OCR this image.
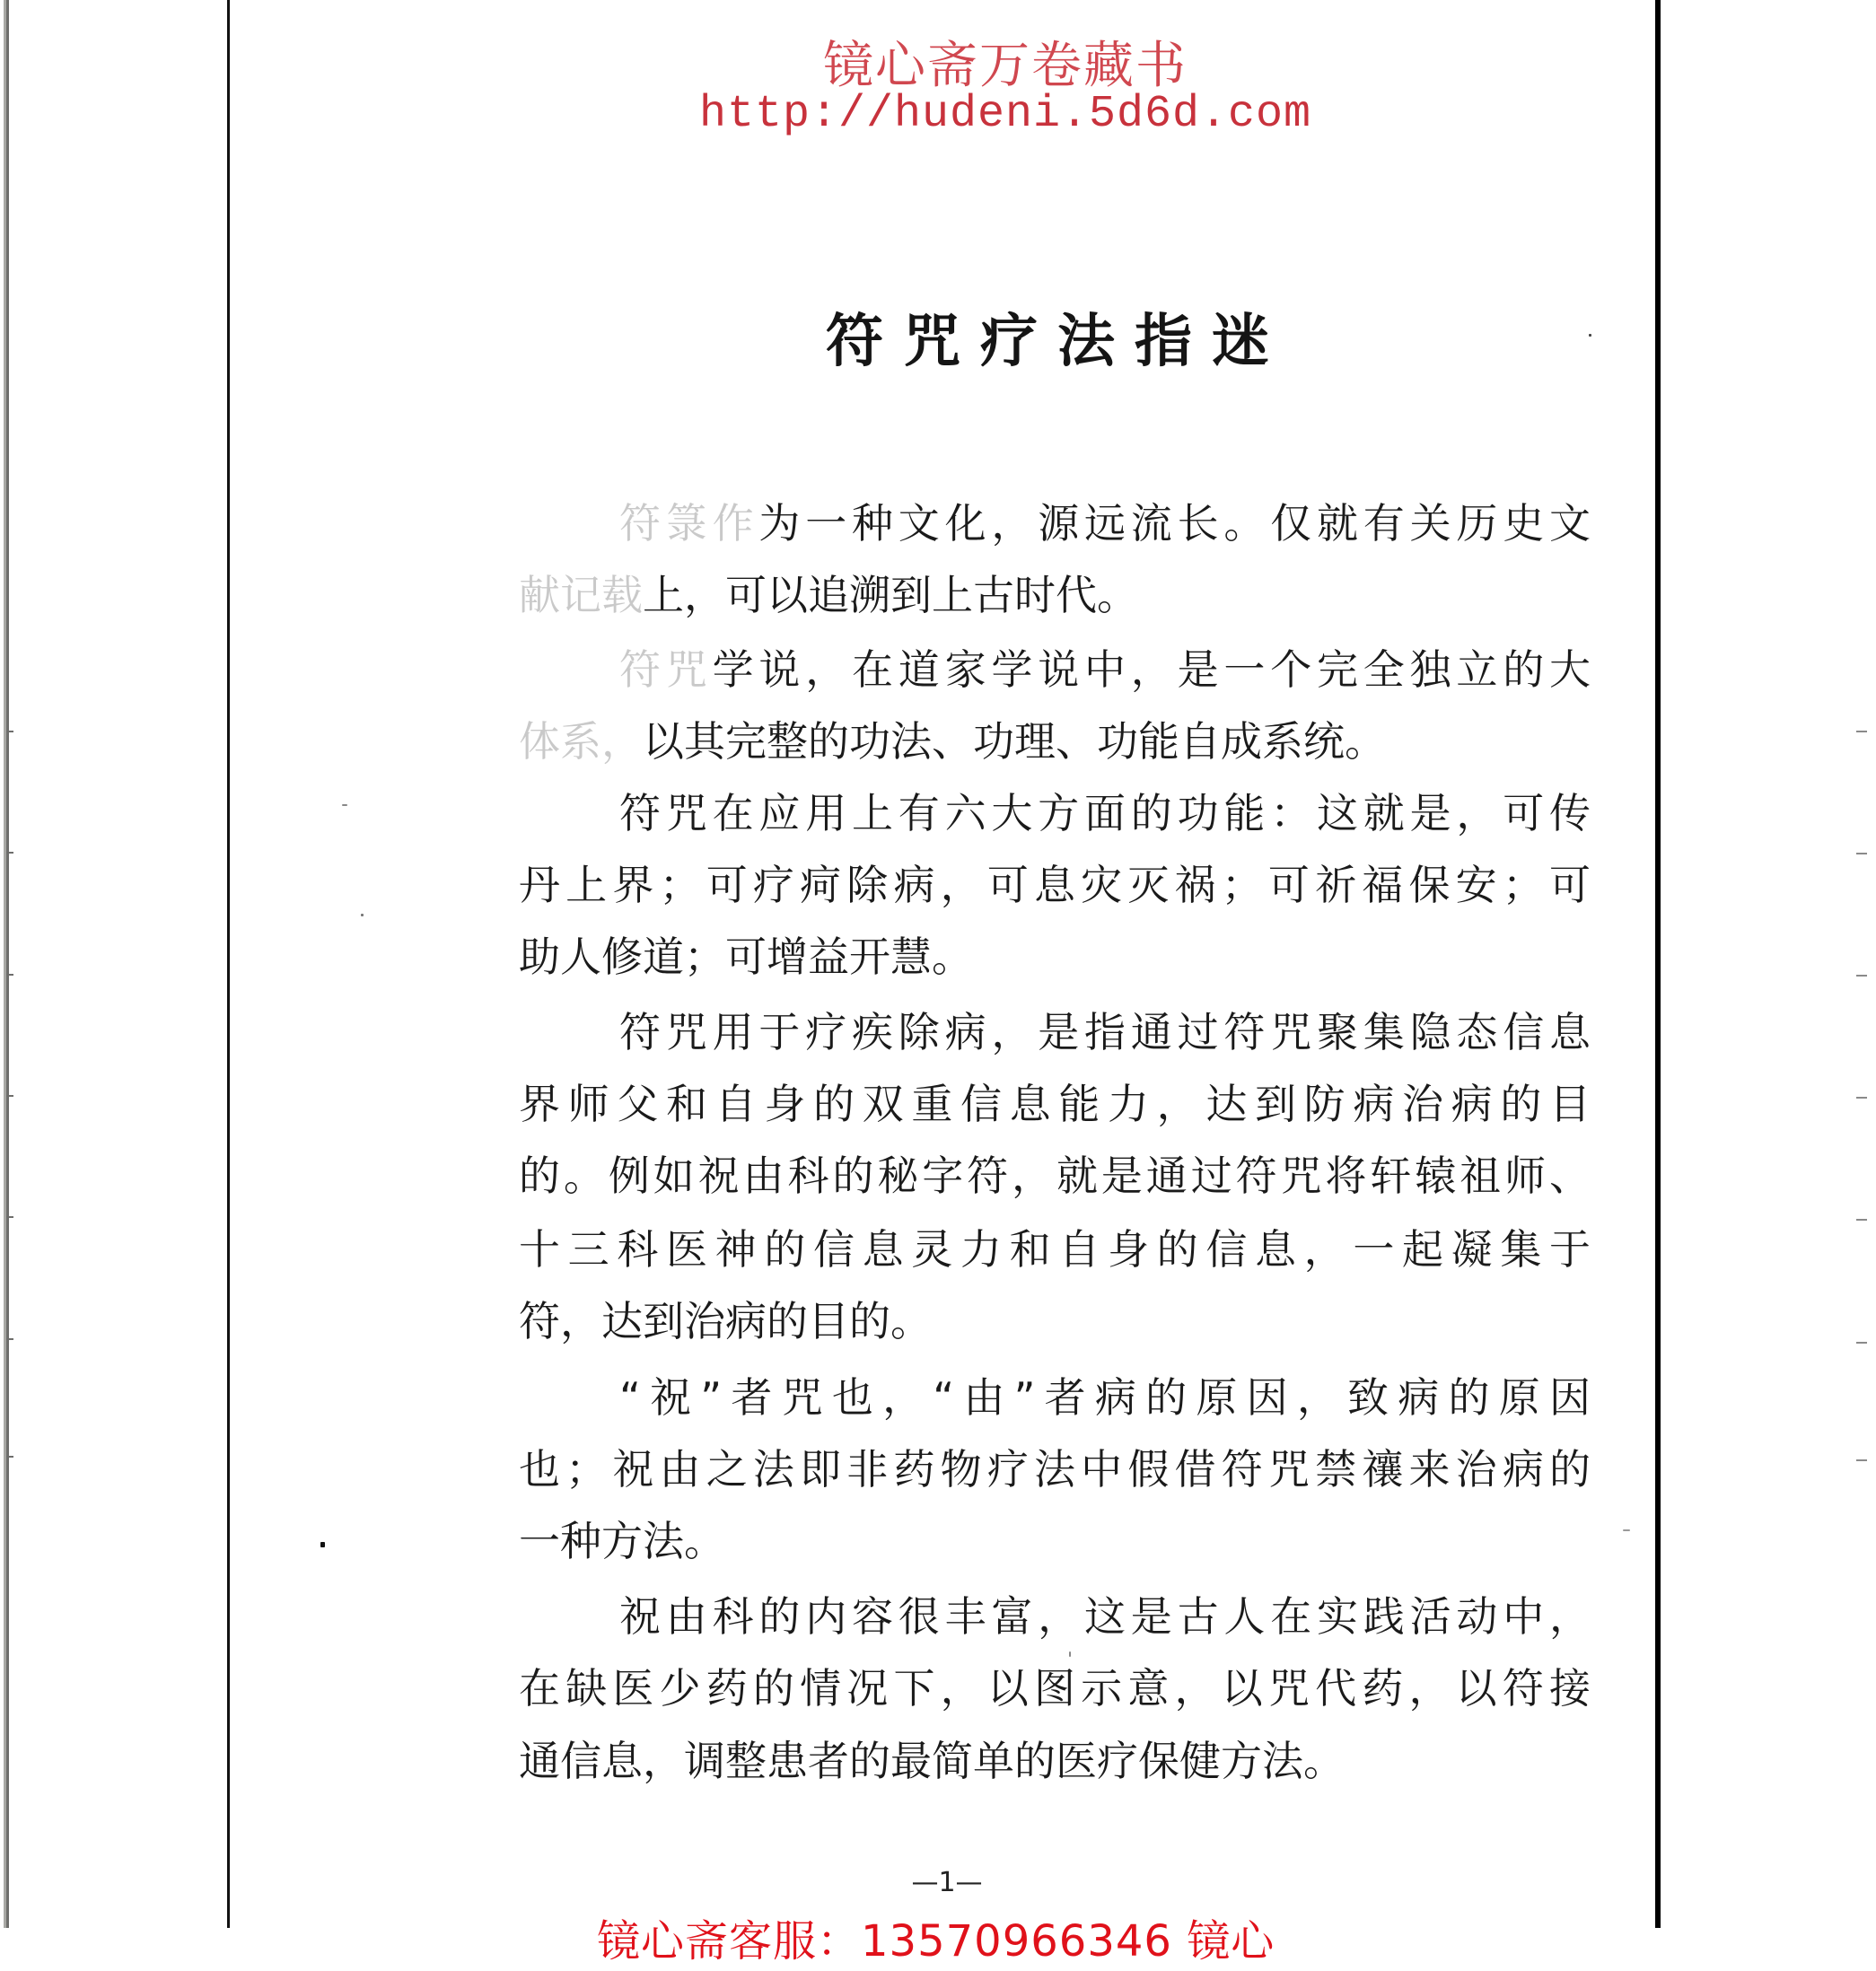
镜心斋万卷藏书
http://hudeni.5d6d.com
符咒疗法指迷
符箓作为一种文化，源远流长。仅就有关历史文
献记载上，可以追溯到上古时代。
符咒学说，在道家学说中，是一个完全独立的大
体系，以其完整的功法、功理、功能自成系统。
符咒在应用上有六大方面的功能：这就是，可传
丹上界；可疗疴除病，可息灾灭祸；可祈福保安；可
助人修道；可增益开慧。
符咒用于疗疾除病，是指通过符咒聚集隐态信息
界师父和自身的双重信息能力，达到防病治病的目
的。例如祝由科的秘字符，就是通过符咒将轩辕祖师、
十三科医神的信息灵力和自身的信息，一起凝集于
符，达到治病的目的。
“祝”者咒也，“由”者病的原因，致病的原因
也；祝由之法即非药物疗法中假借符咒禁禳来治病的
一种方法。
祝由科的内容很丰富，这是古人在实践活动中，
在缺医少药的情况下，以图示意，以咒代药，以符接
通信息，调整患者的最简单的医疗保健方法。
—1—
镜心斋客服：13570966346 镜心
